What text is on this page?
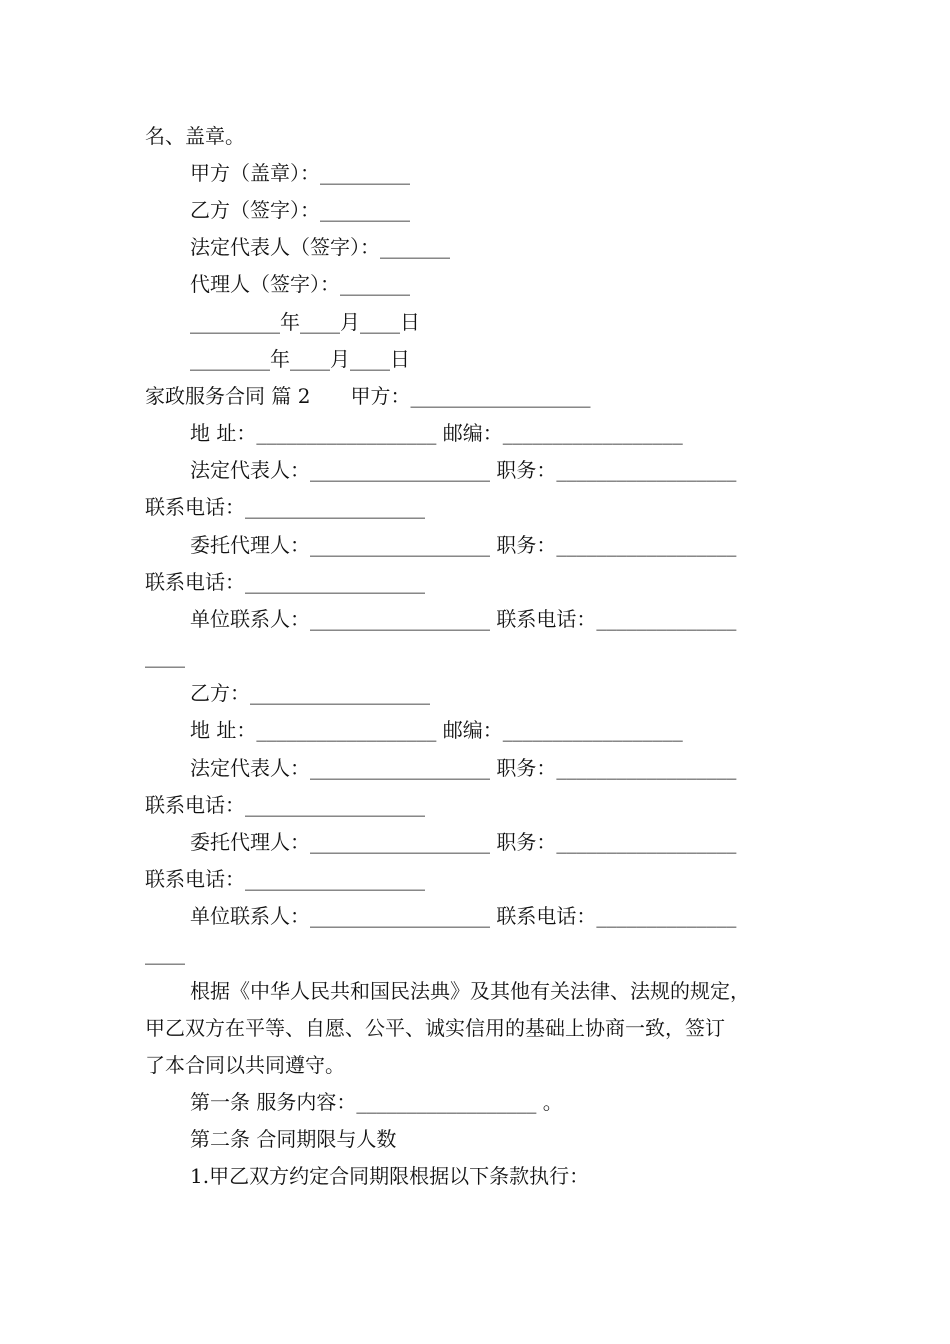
名、盖章。
甲方（盖章）：_________
乙方（签字）：_________
法定代表人（签字）：_______
代理人（签字）：_______
_________年____月____日
________年____月____日
家政服务合同 篇 2　　甲方：__________________
地 址：__________________ 邮编：__________________
法定代表人：__________________ 职务：__________________
联系电话：__________________
委托代理人：__________________ 职务：__________________
联系电话：__________________
单位联系人：__________________ 联系电话：______________
____
乙方：__________________
地 址：__________________ 邮编：__________________
法定代表人：__________________ 职务：__________________
联系电话：__________________
委托代理人：__________________ 职务：__________________
联系电话：__________________
单位联系人：__________________ 联系电话：______________
____
根据《中华人民共和国民法典》及其他有关法律、法规的规定，
甲乙双方在平等、自愿、公平、诚实信用的基础上协商一致，签订
了本合同以共同遵守。
第一条 服务内容：__________________ 。
第二条 合同期限与人数
1.甲乙双方约定合同期限根据以下条款执行：
